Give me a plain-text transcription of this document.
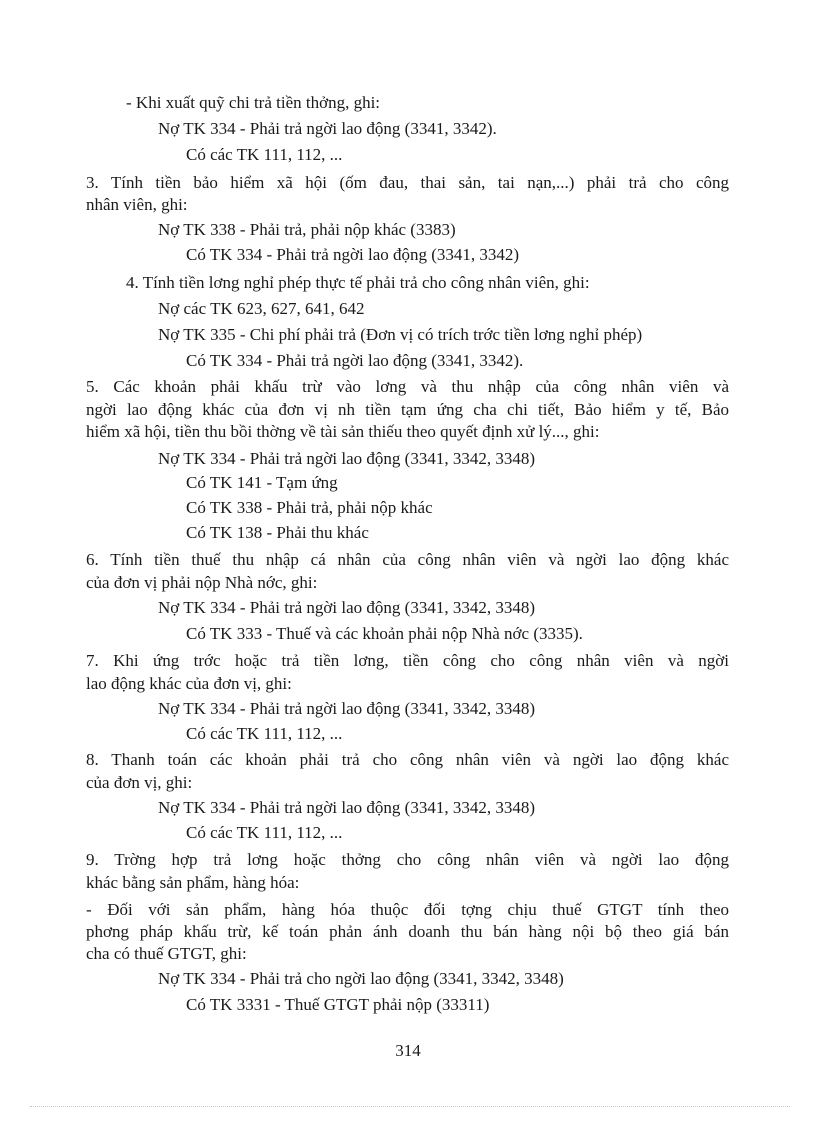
- Khi xuất quỹ chi trả tiền thởng, ghi:
Nợ TK 334 - Phải trả ngời lao động (3341, 3342).
Có các TK 111, 112, ...
3. Tính tiền bảo hiểm xã hội (ốm đau, thai sản, tai nạn,...) phải trả cho công
nhân viên, ghi:
Nợ TK 338 - Phải trả, phải nộp khác (3383)
Có TK 334 - Phải trả ngời lao động (3341, 3342)
4. Tính tiền lơng nghỉ phép thực tế phải trả cho công nhân viên, ghi:
Nợ các TK 623, 627, 641, 642
Nợ TK 335 - Chi phí phải trả (Đơn vị có trích trớc tiền lơng nghỉ phép)
Có TK 334 - Phải trả ngời lao động (3341, 3342).
5. Các khoản phải khấu trừ vào lơng và thu nhập của công nhân viên và
ngời lao động khác của đơn vị nh tiền tạm ứng cha chi tiết, Bảo hiểm y tế, Bảo
hiểm xã hội, tiền thu bồi thờng về tài sản thiếu theo quyết định xử lý..., ghi:
Nợ TK 334 - Phải trả ngời lao động (3341, 3342, 3348)
Có TK 141 - Tạm ứng
Có TK 338 - Phải trả, phải nộp khác
Có TK 138 - Phải thu khác
6. Tính tiền thuế thu nhập cá nhân của công nhân viên và ngời lao động khác
của đơn vị phải nộp Nhà nớc, ghi:
Nợ TK 334 - Phải trả ngời lao động (3341, 3342, 3348)
Có TK 333 - Thuế và các khoản phải nộp Nhà nớc (3335).
7. Khi ứng trớc hoặc trả tiền lơng, tiền công cho công nhân viên và ngời
lao động khác của đơn vị, ghi:
Nợ TK 334 - Phải trả ngời lao động (3341, 3342, 3348)
Có các TK 111, 112, ...
8. Thanh toán các khoản phải trả cho công nhân viên và ngời lao động khác
của đơn vị, ghi:
Nợ TK 334 - Phải trả ngời lao động (3341, 3342, 3348)
Có các TK 111, 112, ...
9. Trờng hợp trả lơng hoặc thởng cho công nhân viên và ngời lao động
khác bằng sản phẩm, hàng hóa:
- Đối với sản phẩm, hàng hóa thuộc đối tợng chịu thuế GTGT tính theo
phơng pháp khấu trừ, kế toán phản ánh doanh thu bán hàng nội bộ theo giá bán
cha có thuế GTGT, ghi:
Nợ TK 334 - Phải trả cho ngời lao động (3341, 3342, 3348)
Có TK 3331 - Thuế GTGT phải nộp (33311)
314
